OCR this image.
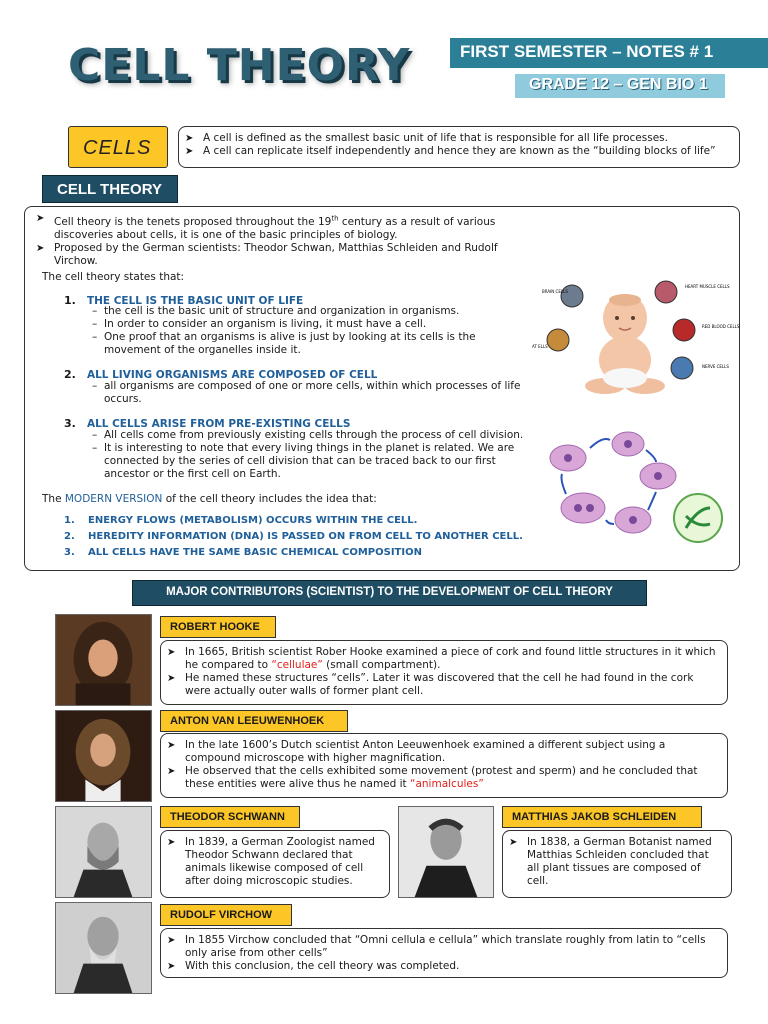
CELL THEORY	FIRST SEMESTER – NOTES # 1
GRADE 12 – GEN BIO 1
CELLS
➤	A cell is defined as the smallest basic unit of life that is responsible for all life processes.
➤ A cell can replicate itself independently and hence they are known as the “building blocks of life”
CELL THEORY
➤ Cell theory is the tenets proposed throughout the 19th century as a result of various discoveries about cells, it is one of the basic principles of biology.
➤ Proposed by the German scientists: Theodor Schwan, Matthias Schleiden and Rudolf Virchow.
The cell theory states that:
1. THE CELL IS THE BASIC UNIT OF LIFE
– the cell is the basic unit of structure and organization in organisms.
– In order to consider an organism is living, it must have a cell.
– One proof that an organisms is alive is just by looking at its cells is the movement of the organelles inside it.
2. ALL LIVING ORGANISMS ARE COMPOSED OF CELL
– all organisms are composed of one or more cells, within which processes of life occurs.
3. ALL CELLS ARISE FROM PRE-EXISTING CELLS
– All cells come from previously existing cells through the process of cell division.
– It is interesting to note that every living things in the planet is related. We are connected by the series of cell division that can be traced back to our first ancestor or the first cell on Earth.
The MODERN VERSION of the cell theory includes the idea that:
1. ENERGY FLOWS (METABOLISM) OCCURS WITHIN THE CELL.
2. HEREDITY INFORMATION (DNA) IS PASSED ON FROM CELL TO ANOTHER CELL.
3. ALL CELLS HAVE THE SAME BASIC CHEMICAL COMPOSITION
BRAIN CELLS
HEART MUSCLE CELLS
RED BLOOD CELLS
AT ELLS
NERVE CELLS
MAJOR CONTRIBUTORS (SCIENTIST) TO THE DEVELOPMENT OF CELL THEORY
ROBERT HOOKE
➤ In 1665, British scientist Rober Hooke examined a piece of cork and found little structures in it which he compared to “cellulae” (small compartment).
➤ He named these structures “cells”. Later it was discovered that the cell he had found in the cork were actually outer walls of former plant cell.
ANTON VAN LEEUWENHOEK
➤ In the late 1600’s Dutch scientist Anton Leeuwenhoek examined a different subject using a compound microscope with higher magnification.
➤ He observed that the cells exhibited some movement (protest and sperm) and he concluded that these entities were alive thus he named it “animalcules”
THEODOR SCHWANN
➤ In 1839, a German Zoologist named Theodor Schwann declared that animals likewise composed of cell after doing microscopic studies.
MATTHIAS JAKOB SCHLEIDEN
➤ In 1838, a German Botanist named Matthias Schleiden concluded that all plant tissues are composed of cell.
RUDOLF VIRCHOW
➤ In 1855 Virchow concluded that “Omni cellula e cellula” which translate roughly from latin to “cells only arise from other cells”
➤ With this conclusion, the cell theory was completed.
